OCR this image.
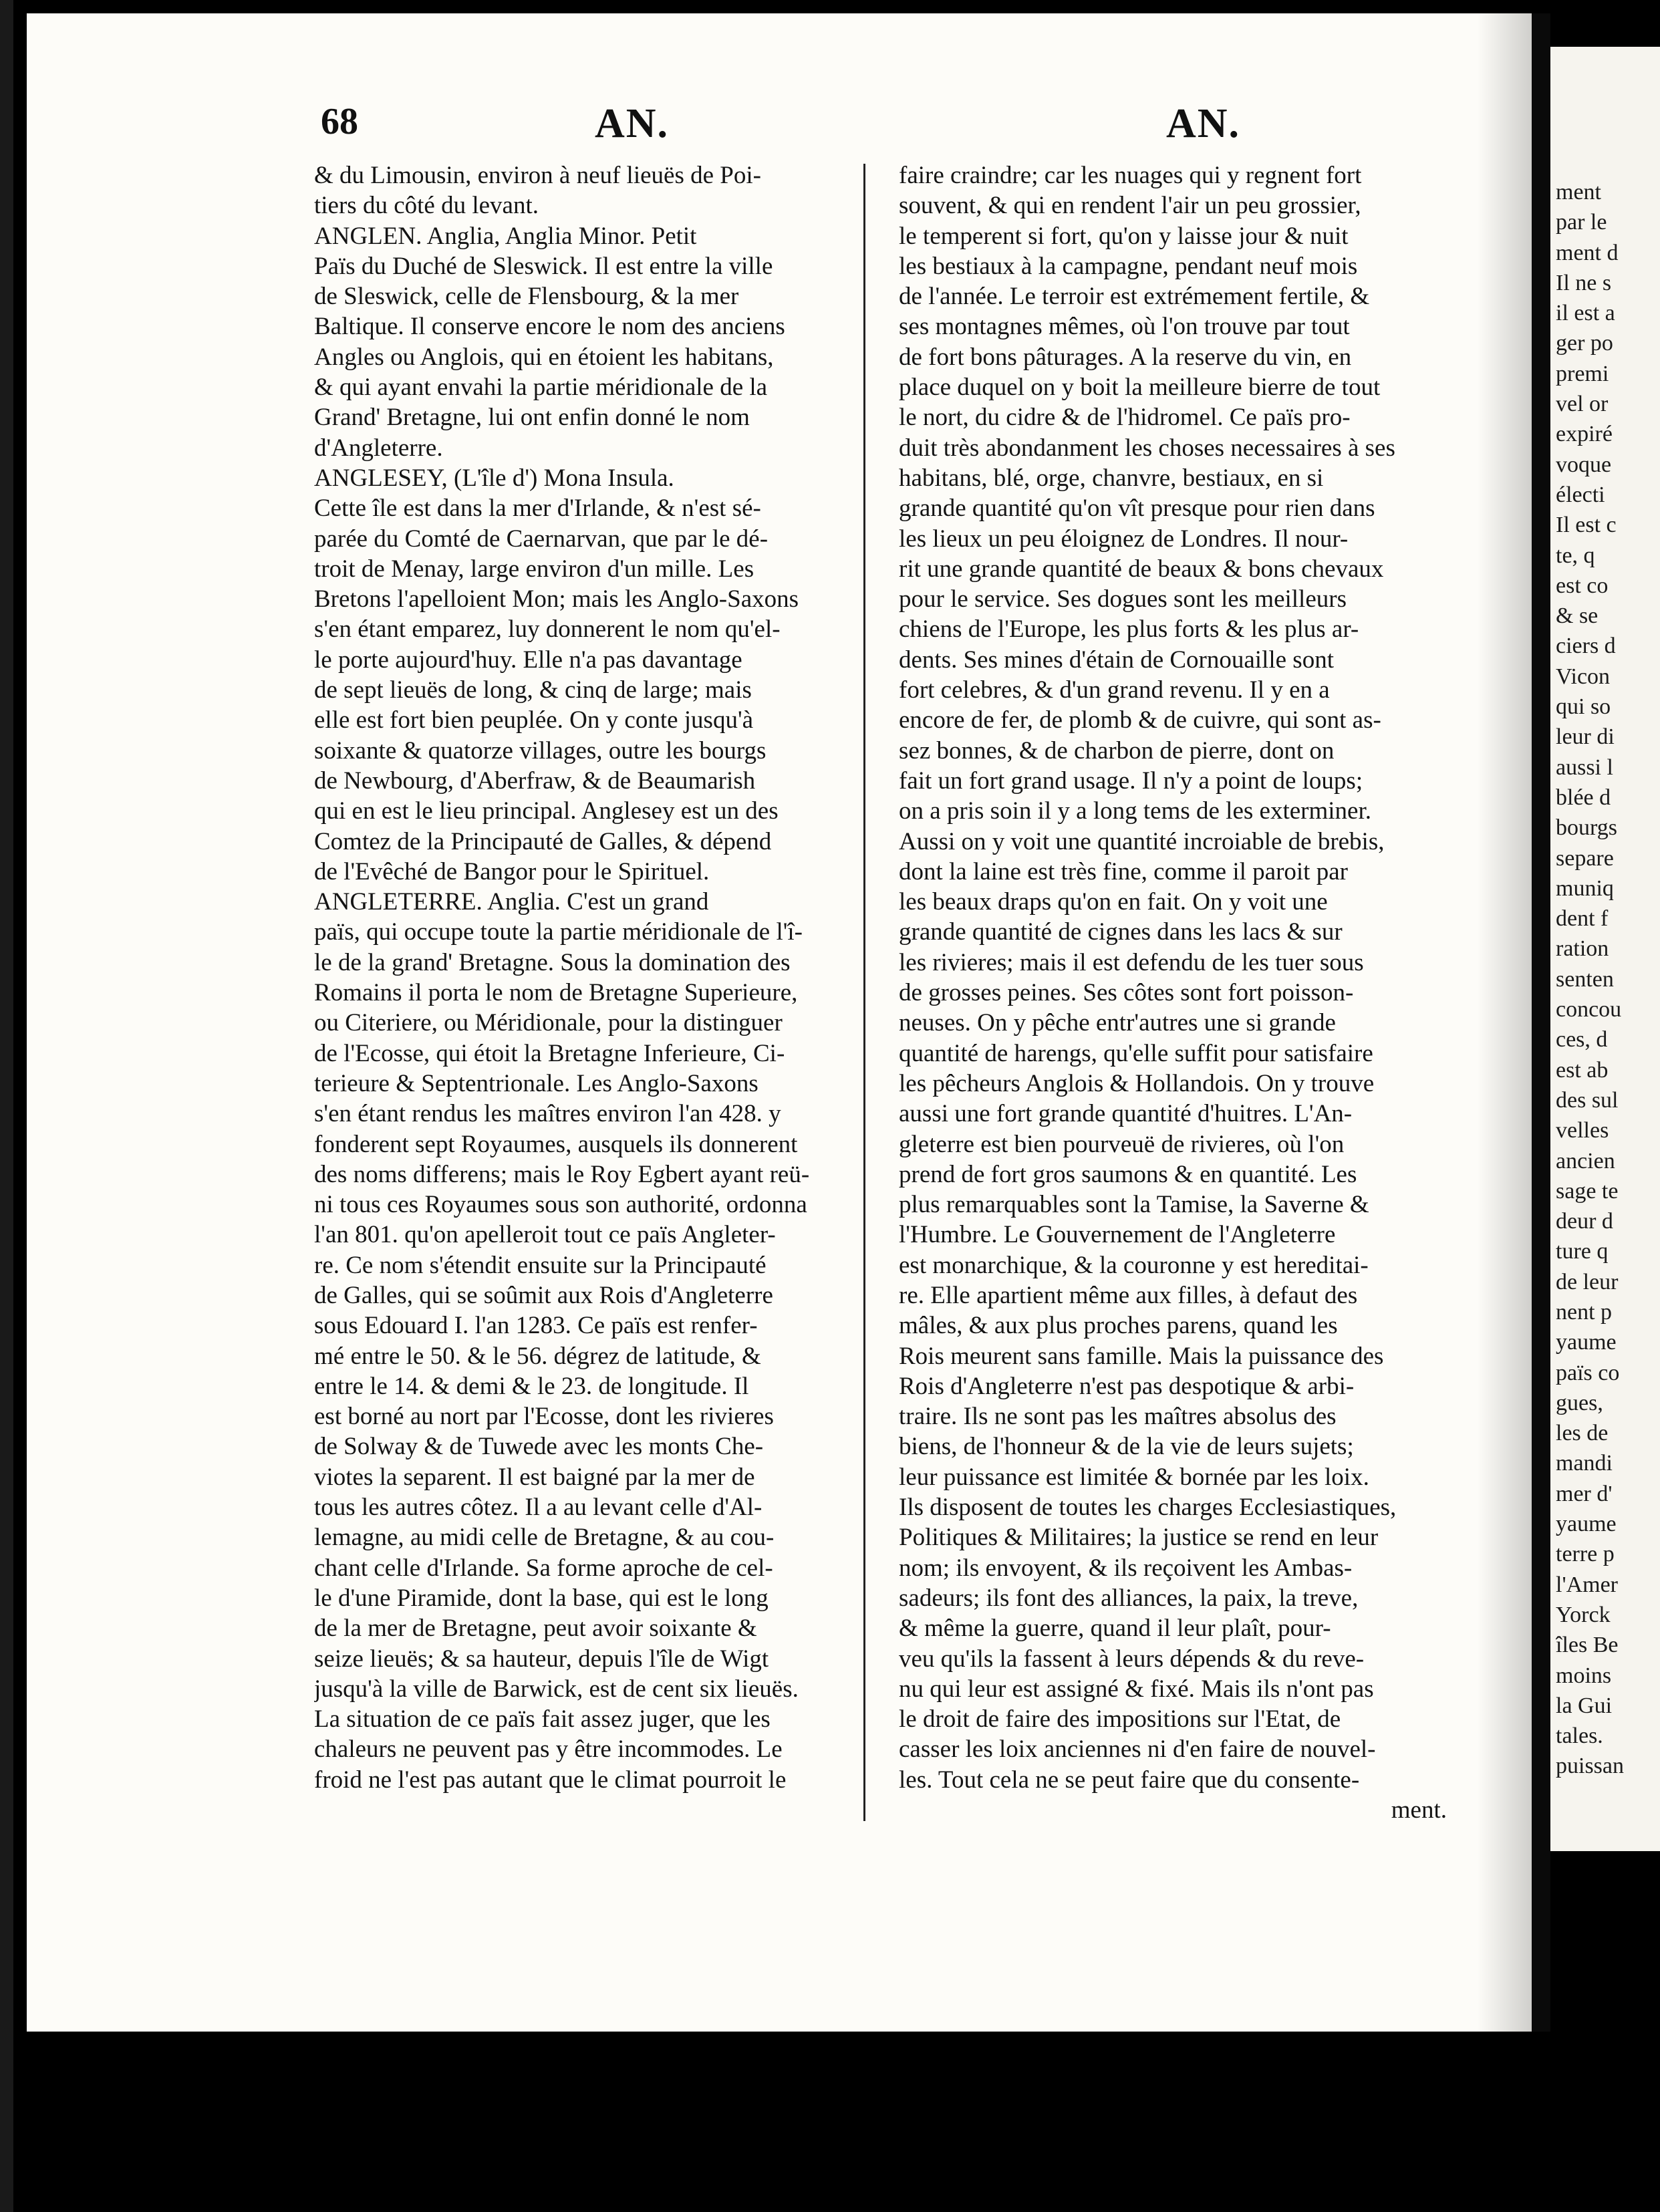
68	AN.	AN.
& du Limousin, environ à neuf lieuës de Poi-
tiers du côté du levant.
ANGLEN. Anglia, Anglia Minor. Petit
Païs du Duché de Sleswick. Il est entre la ville
de Sleswick, celle de Flensbourg, & la mer
Baltique. Il conserve encore le nom des anciens
Angles ou Anglois, qui en étoient les habitans,
& qui ayant envahi la partie méridionale de la
Grand' Bretagne, lui ont enfin donné le nom
d'Angleterre.
ANGLESEY, (L'île d') Mona Insula.
Cette île est dans la mer d'Irlande, & n'est sé-
parée du Comté de Caernarvan, que par le dé-
troit de Menay, large environ d'un mille. Les
Bretons l'apelloient Mon; mais les Anglo-Saxons
s'en étant emparez, luy donnerent le nom qu'el-
le porte aujourd'huy. Elle n'a pas davantage
de sept lieuës de long, & cinq de large; mais
elle est fort bien peuplée. On y conte jusqu'à
soixante & quatorze villages, outre les bourgs
de Newbourg, d'Aberfraw, & de Beaumarish
qui en est le lieu principal. Anglesey est un des
Comtez de la Principauté de Galles, & dépend
de l'Evêché de Bangor pour le Spirituel.
ANGLETERRE. Anglia. C'est un grand
païs, qui occupe toute la partie méridionale de l'î-
le de la grand' Bretagne. Sous la domination des
Romains il porta le nom de Bretagne Superieure,
ou Citeriere, ou Méridionale, pour la distinguer
de l'Ecosse, qui étoit la Bretagne Inferieure, Ci-
terieure & Septentrionale. Les Anglo-Saxons
s'en étant rendus les maîtres environ l'an 428. y
fonderent sept Royaumes, ausquels ils donnerent
des noms differens; mais le Roy Egbert ayant reü-
ni tous ces Royaumes sous son authorité, ordonna
l'an 801. qu'on apelleroit tout ce païs Angleter-
re. Ce nom s'étendit ensuite sur la Principauté
de Galles, qui se soûmit aux Rois d'Angleterre
sous Edouard I. l'an 1283. Ce païs est renfer-
mé entre le 50. & le 56. dégrez de latitude, &
entre le 14. & demi & le 23. de longitude. Il
est borné au nort par l'Ecosse, dont les rivieres
de Solway & de Tuwede avec les monts Che-
viotes la separent. Il est baigné par la mer de
tous les autres côtez. Il a au levant celle d'Al-
lemagne, au midi celle de Bretagne, & au cou-
chant celle d'Irlande. Sa forme aproche de cel-
le d'une Piramide, dont la base, qui est le long
de la mer de Bretagne, peut avoir soixante &
seize lieuës; & sa hauteur, depuis l'île de Wigt
jusqu'à la ville de Barwick, est de cent six lieuës.
La situation de ce païs fait assez juger, que les
chaleurs ne peuvent pas y être incommodes. Le
froid ne l'est pas autant que le climat pourroit le
faire craindre; car les nuages qui y regnent fort
souvent, & qui en rendent l'air un peu grossier,
le temperent si fort, qu'on y laisse jour & nuit
les bestiaux à la campagne, pendant neuf mois
de l'année. Le terroir est extrémement fertile, &
ses montagnes mêmes, où l'on trouve par tout
de fort bons pâturages. A la reserve du vin, en
place duquel on y boit la meilleure bierre de tout
le nort, du cidre & de l'hidromel. Ce païs pro-
duit très abondanment les choses necessaires à ses
habitans, blé, orge, chanvre, bestiaux, en si
grande quantité qu'on vît presque pour rien dans
les lieux un peu éloignez de Londres. Il nour-
rit une grande quantité de beaux & bons chevaux
pour le service. Ses dogues sont les meilleurs
chiens de l'Europe, les plus forts & les plus ar-
dents. Ses mines d'étain de Cornouaille sont
fort celebres, & d'un grand revenu. Il y en a
encore de fer, de plomb & de cuivre, qui sont as-
sez bonnes, & de charbon de pierre, dont on
fait un fort grand usage. Il n'y a point de loups;
on a pris soin il y a long tems de les exterminer.
Aussi on y voit une quantité incroiable de brebis,
dont la laine est très fine, comme il paroit par
les beaux draps qu'on en fait. On y voit une
grande quantité de cignes dans les lacs & sur
les rivieres; mais il est defendu de les tuer sous
de grosses peines. Ses côtes sont fort poisson-
neuses. On y pêche entr'autres une si grande
quantité de harengs, qu'elle suffit pour satisfaire
les pêcheurs Anglois & Hollandois. On y trouve
aussi une fort grande quantité d'huitres. L'An-
gleterre est bien pourveuë de rivieres, où l'on
prend de fort gros saumons & en quantité. Les
plus remarquables sont la Tamise, la Saverne &
l'Humbre. Le Gouvernement de l'Angleterre
est monarchique, & la couronne y est hereditai-
re. Elle apartient même aux filles, à defaut des
mâles, & aux plus proches parens, quand les
Rois meurent sans famille. Mais la puissance des
Rois d'Angleterre n'est pas despotique & arbi-
traire. Ils ne sont pas les maîtres absolus des
biens, de l'honneur & de la vie de leurs sujets;
leur puissance est limitée & bornée par les loix.
Ils disposent de toutes les charges Ecclesiastiques,
Politiques & Militaires; la justice se rend en leur
nom; ils envoyent, & ils reçoivent les Ambas-
sadeurs; ils font des alliances, la paix, la treve,
& même la guerre, quand il leur plaît, pour-
veu qu'ils la fassent à leurs dépends & du reve-
nu qui leur est assigné & fixé. Mais ils n'ont pas
le droit de faire des impositions sur l'Etat, de
casser les loix anciennes ni d'en faire de nouvel-
les. Tout cela ne se peut faire que du consente-
ment.
ment
par le
ment d
Il ne s
il est a
ger po
premi
vel or
expiré
voque
électi
Il est c
te, q
est co
& se
ciers d
Vicon
qui so
leur di
aussi l
blée d
bourgs
separe
muniq
dent f
ration
senten
concou
ces, d
est ab
des sul
velles
ancien
sage te
deur d
ture q
de leur
nent p
yaume
païs co
gues,
les de
mandi
mer d'
yaume
terre p
l'Amer
Yorck
îles Be
moins
la Gui
tales.
puissan
